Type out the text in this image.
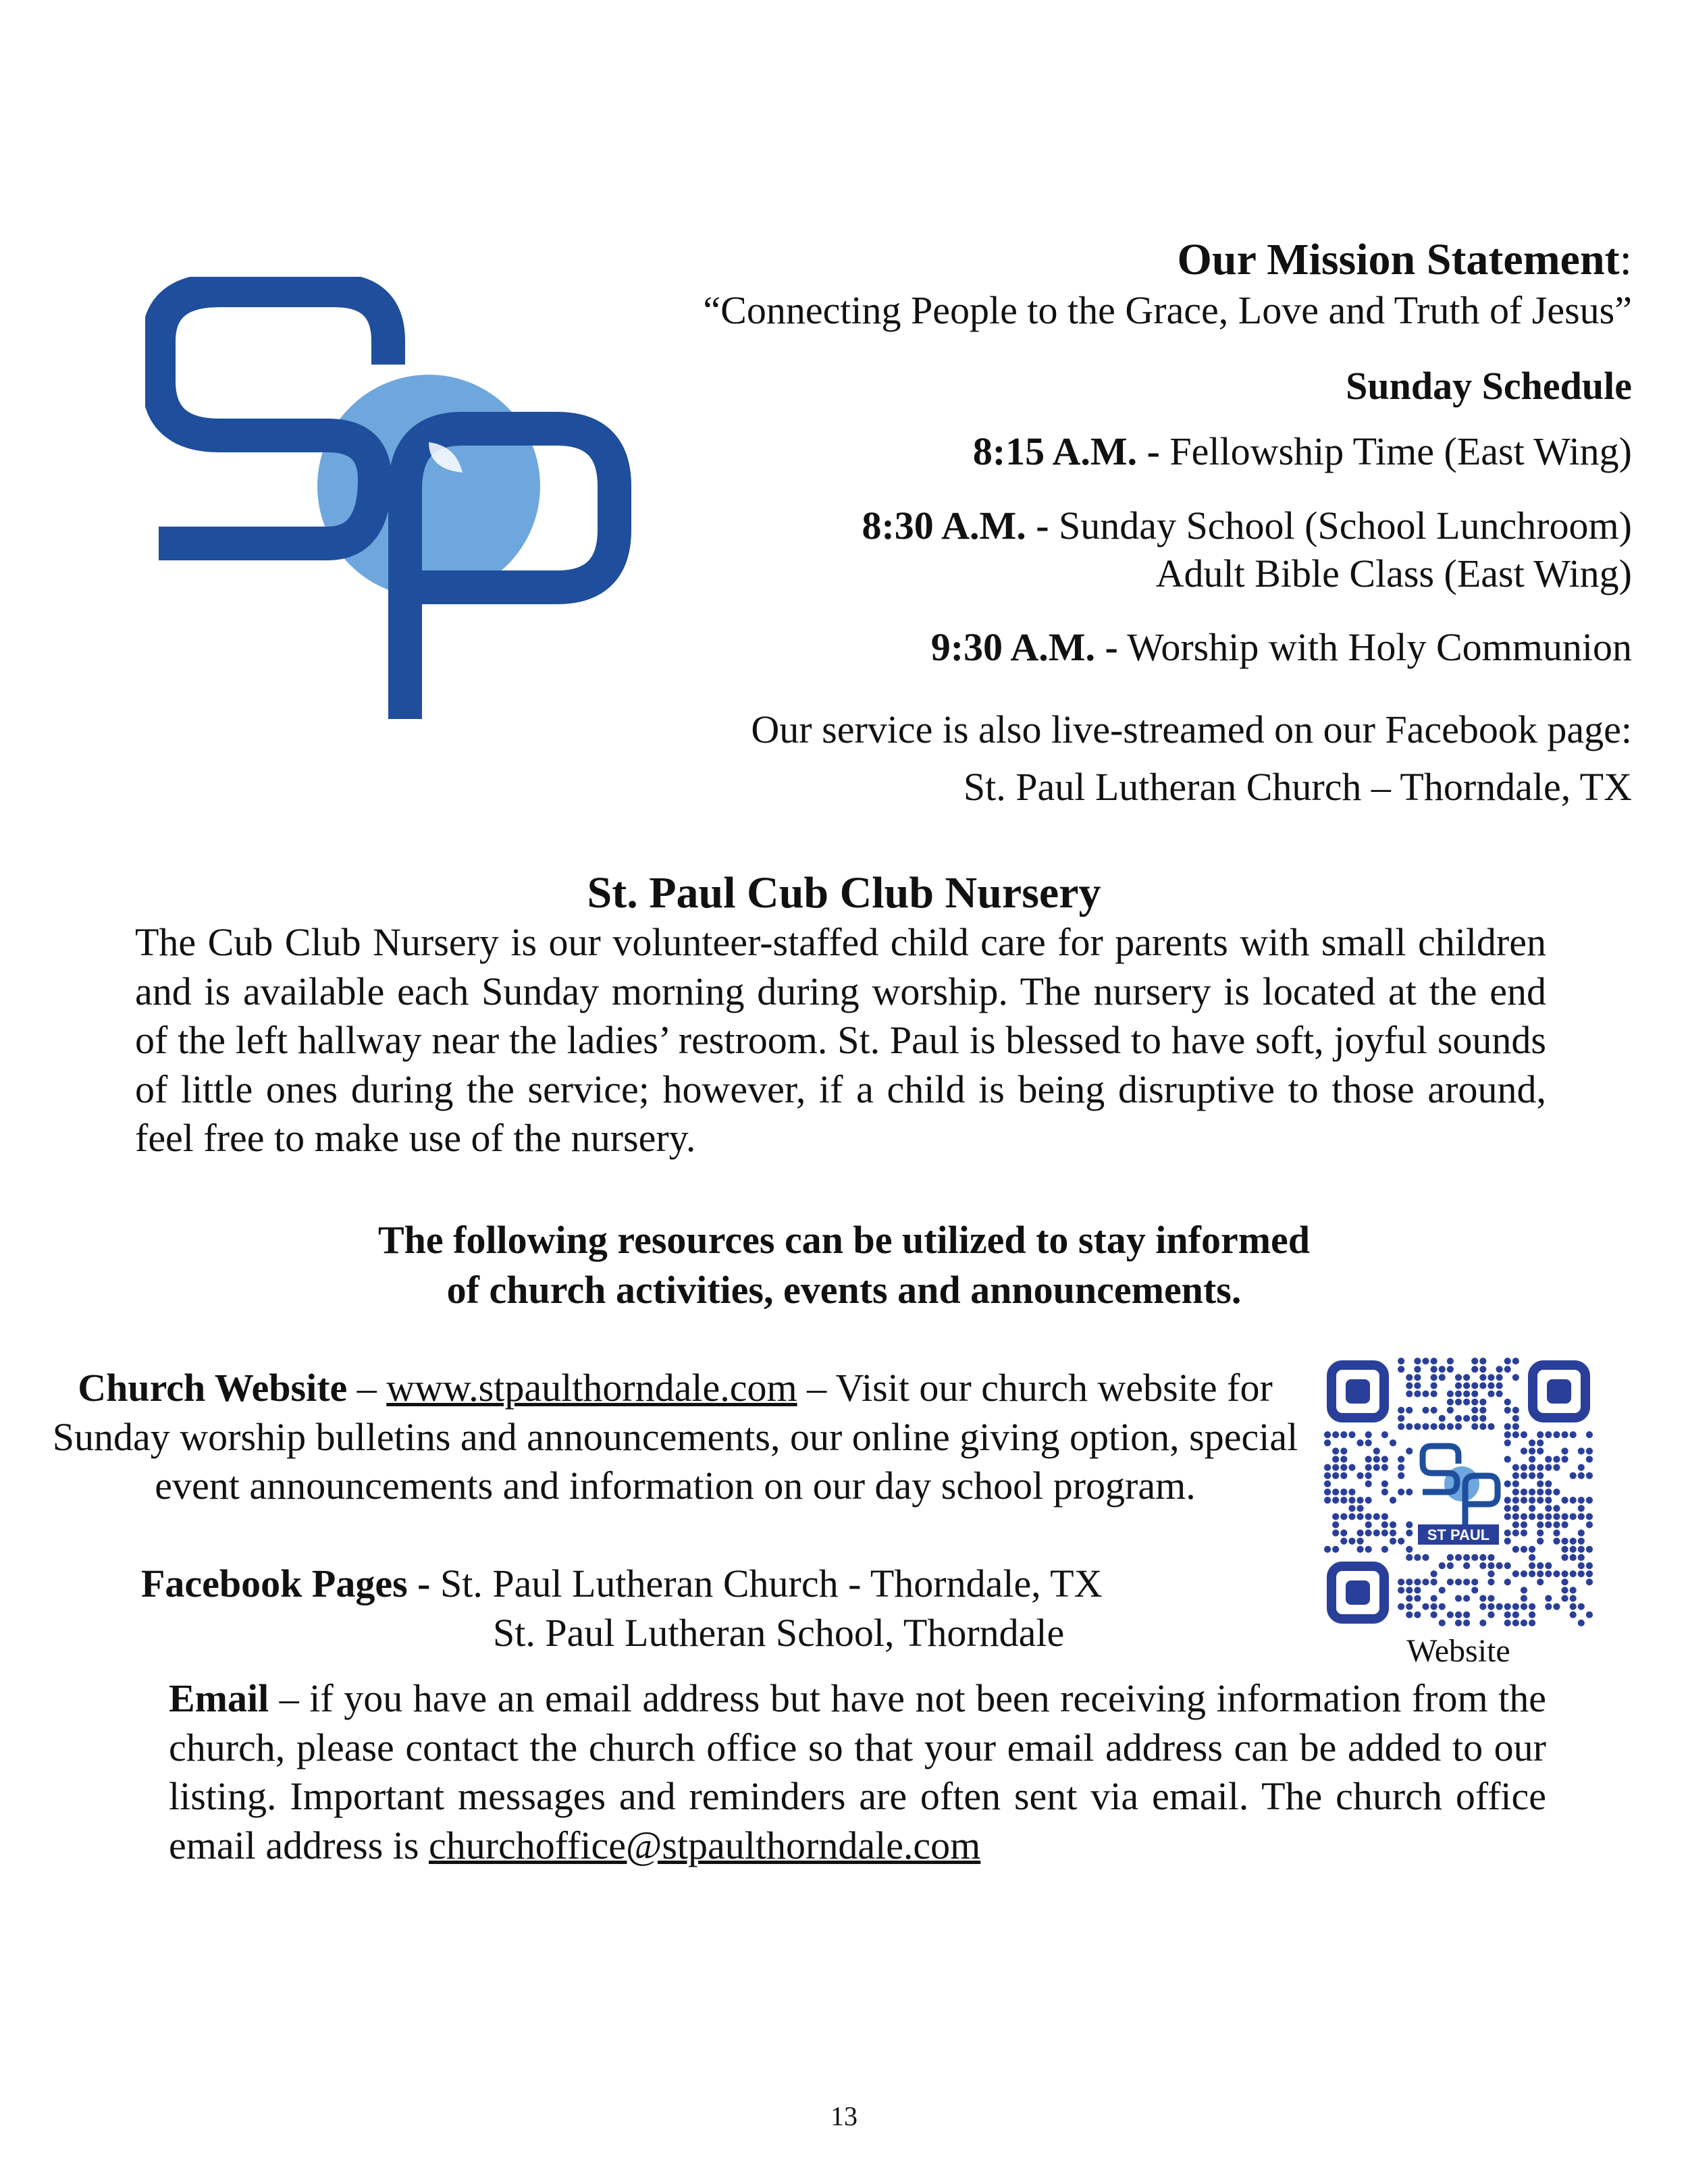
Our Mission Statement:
“Connecting People to the Grace, Love and Truth of Jesus”
Sunday Schedule
8:15 A.M. - Fellowship Time (East Wing)
8:30 A.M. - Sunday School (School Lunchroom)
Adult Bible Class (East Wing)
9:30 A.M. - Worship with Holy Communion
Our service is also live-streamed on our Facebook page:
St. Paul Lutheran Church – Thorndale, TX
St. Paul Cub Club Nursery
The Cub Club Nursery is our volunteer-staffed child care for parents with small children and is available each Sunday morning during worship. The nursery is located at the end of the left hallway near the ladies’ restroom. St. Paul is blessed to have soft, joyful sounds of little ones during the service; however, if a child is being disruptive to those around, feel free to make use of the nursery.
The following resources can be utilized to stay informed
of church activities, events and announcements.
Church Website – www.stpaulthorndale.com – Visit our church website for Sunday worship bulletins and announcements, our online giving option, special event announcements and information on our day school program.
Facebook Pages - St. Paul Lutheran Church - Thorndale, TX
St. Paul Lutheran School, Thorndale
Email – if you have an email address but have not been receiving information from the church, please contact the church office so that your email address can be added to our listing. Important messages and reminders are often sent via email. The church office email address is churchoffice@stpaulthorndale.com
ST PAUL
Website
13
